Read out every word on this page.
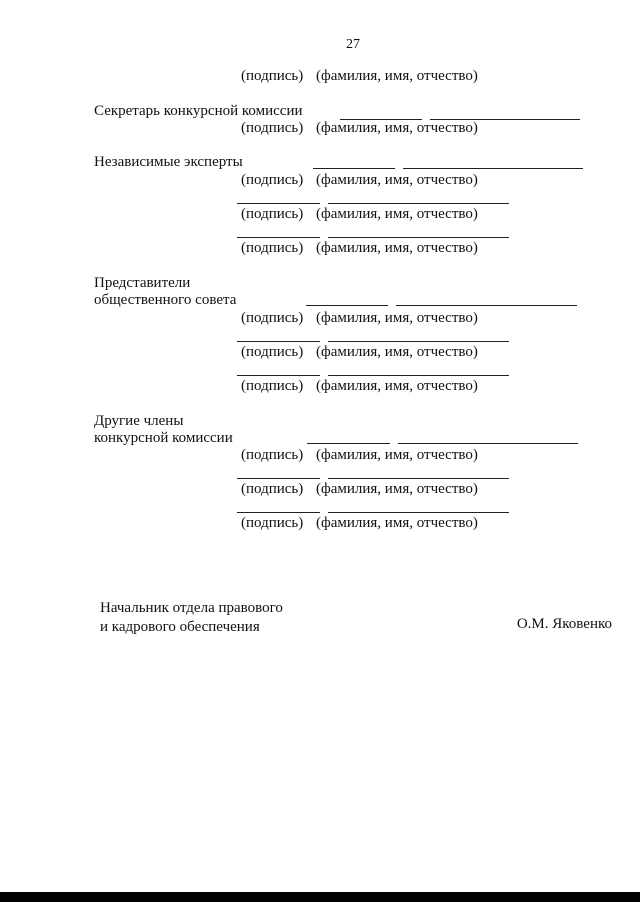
27
(подпись) (фамилия, имя, отчество)
Секретарь конкурсной комиссии
(подпись) (фамилия, имя, отчество)
Независимые эксперты
(подпись) (фамилия, имя, отчество)
(подпись) (фамилия, имя, отчество)
(подпись) (фамилия, имя, отчество)
Представители
общественного совета
(подпись) (фамилия, имя, отчество)
(подпись) (фамилия, имя, отчество)
(подпись) (фамилия, имя, отчество)
Другие члены
конкурсной комиссии
(подпись) (фамилия, имя, отчество)
(подпись) (фамилия, имя, отчество)
(подпись) (фамилия, имя, отчество)
Начальник отдела правового
и кадрового обеспечения	О.М. Яковенко
